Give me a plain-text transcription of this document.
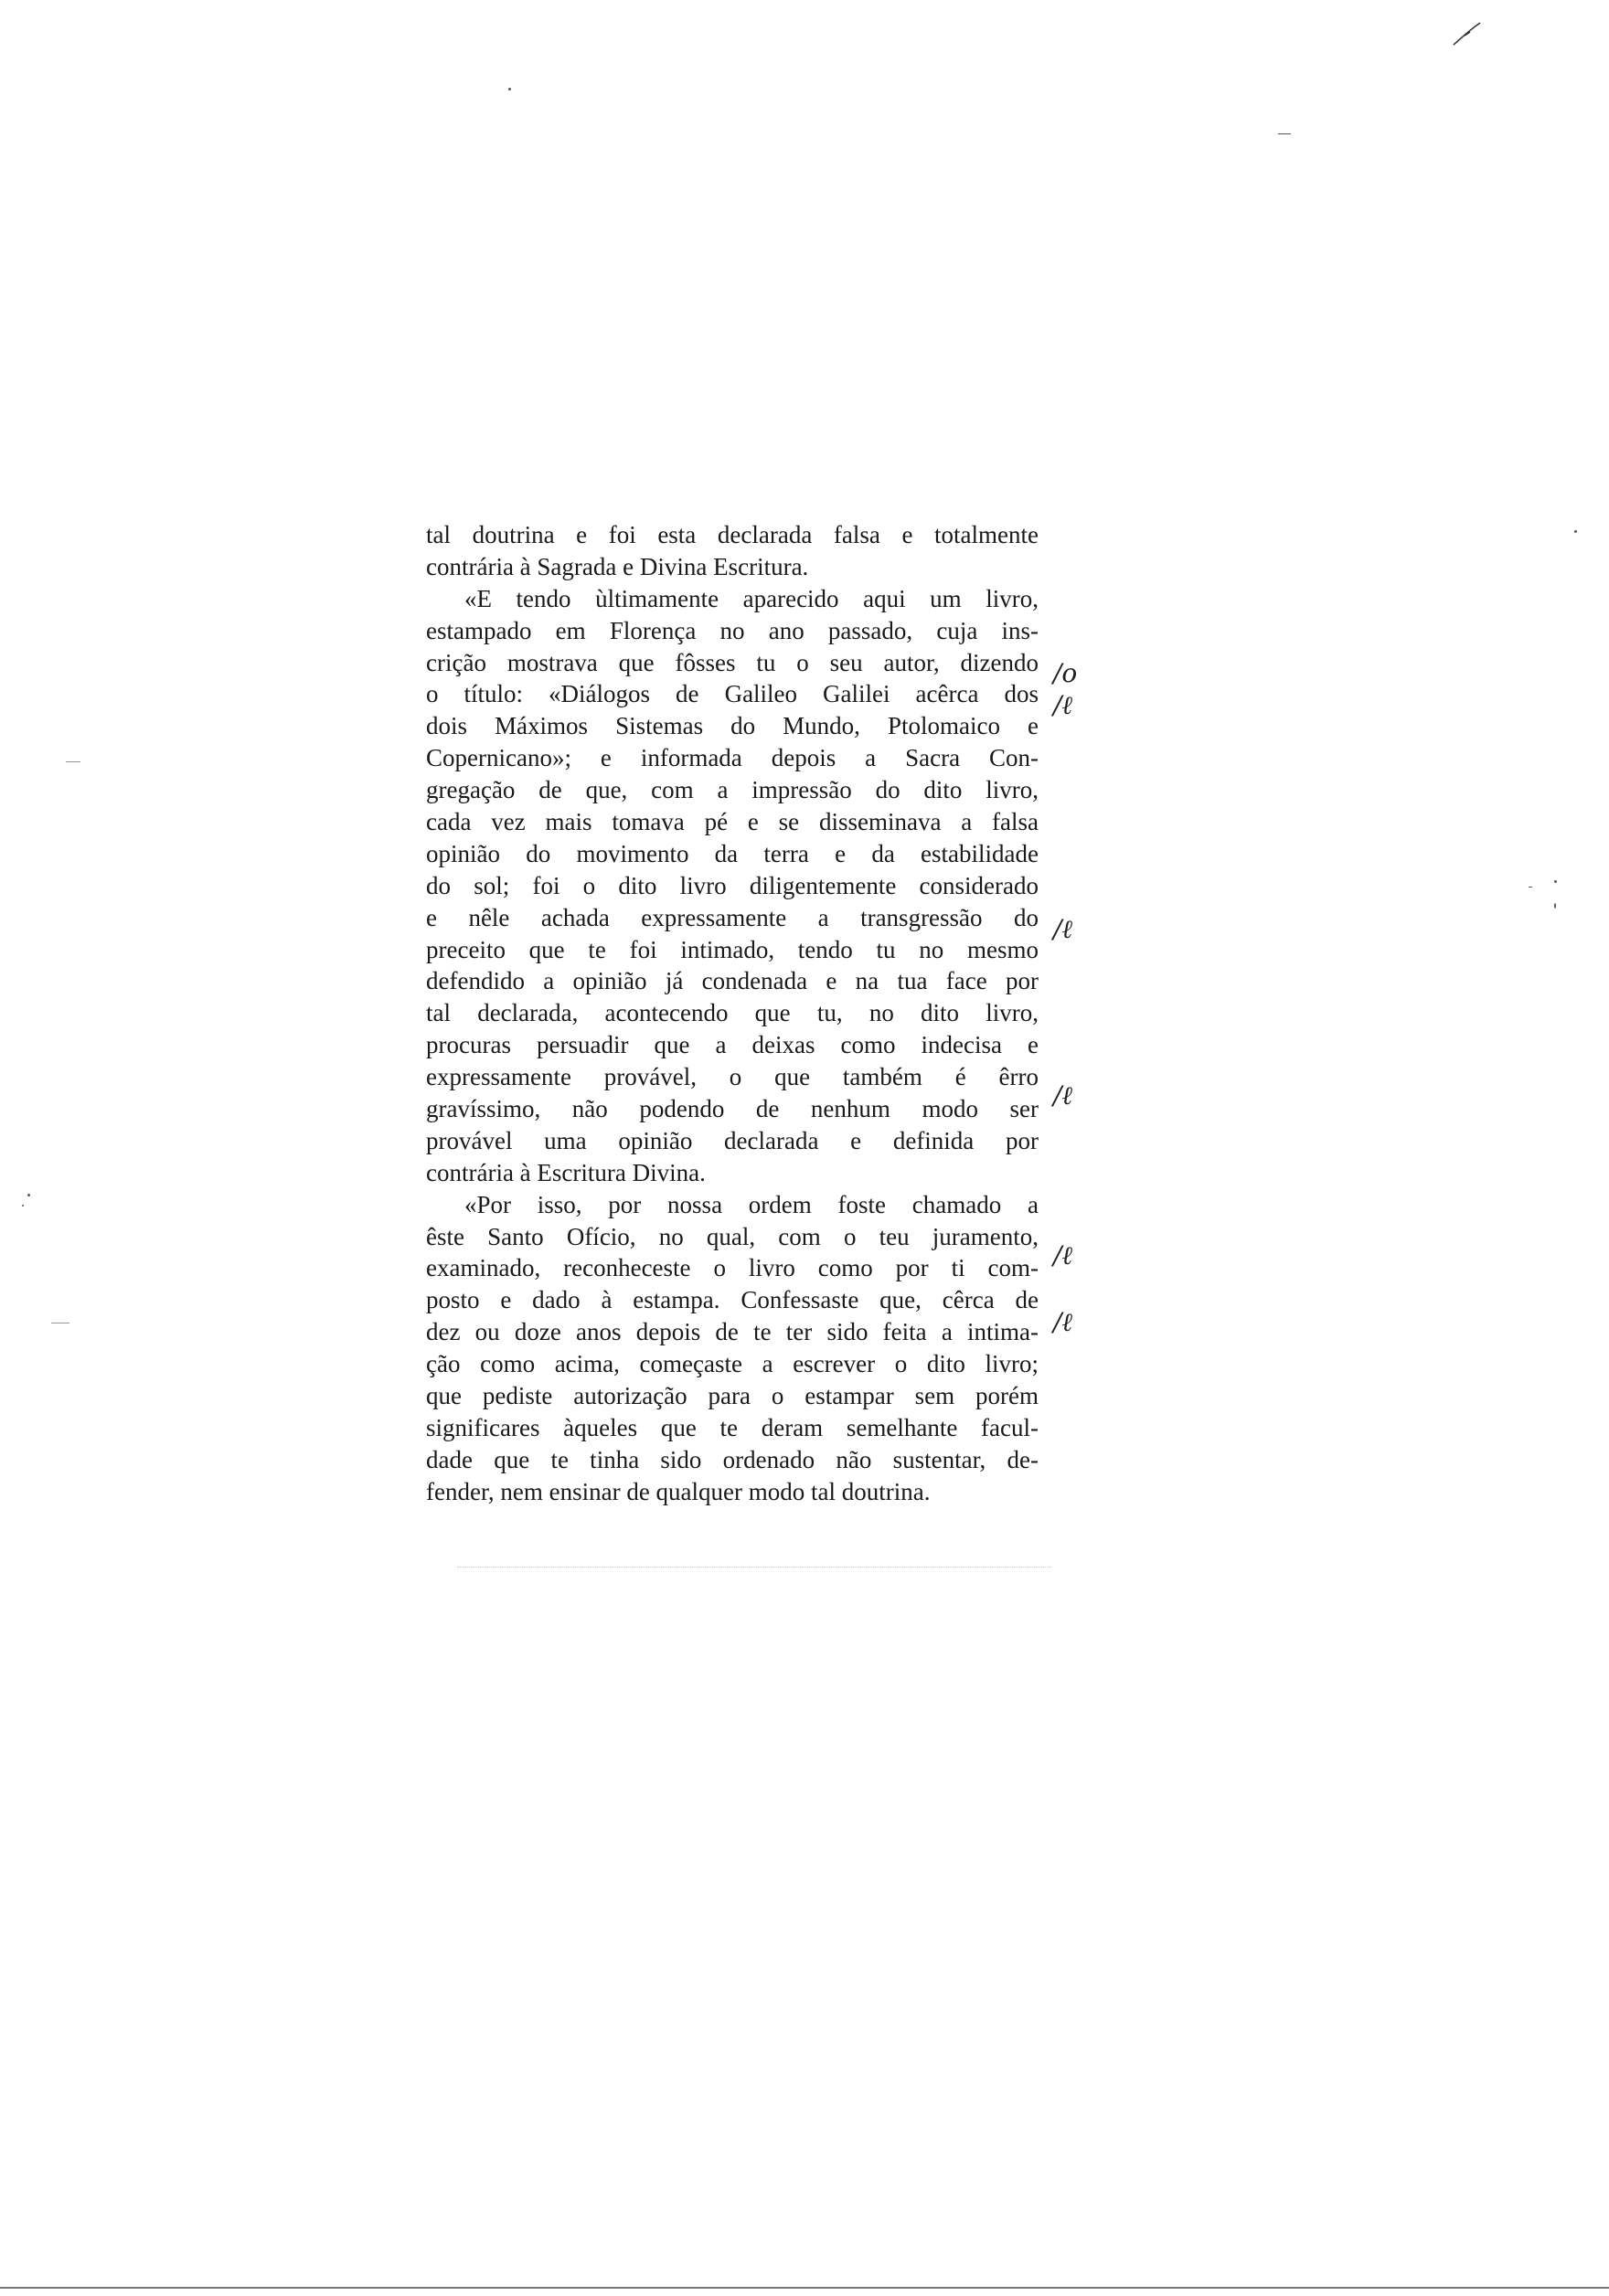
tal doutrina e foi esta declarada falsa e totalmente
contrária à Sagrada e Divina Escritura.
«E tendo ùltimamente aparecido aqui um livro,
estampado em Florença no ano passado, cuja ins-
crição mostrava que fôsses tu o seu autor, dizendo
o título: «Diálogos de Galileo Galilei acêrca dos
dois Máximos Sistemas do Mundo, Ptolomaico e
Copernicano»; e informada depois a Sacra Con-
gregação de que, com a impressão do dito livro,
cada vez mais tomava pé e se disseminava a falsa
opinião do movimento da terra e da estabilidade
do sol; foi o dito livro diligentemente considerado
e nêle achada expressamente a transgressão do
preceito que te foi intimado, tendo tu no mesmo
defendido a opinião já condenada e na tua face por
tal declarada, acontecendo que tu, no dito livro,
procuras persuadir que a deixas como indecisa e
expressamente provável, o que também é êrro
gravíssimo, não podendo de nenhum modo ser
provável uma opinião declarada e definida por
contrária à Escritura Divina.
«Por isso, por nossa ordem foste chamado a
êste Santo Ofício, no qual, com o teu juramento,
examinado, reconheceste o livro como por ti com-
posto e dado à estampa. Confessaste que, cêrca de
dez ou doze anos depois de te ter sido feita a intima-
ção como acima, começaste a escrever o dito livro;
que pediste autorização para o estampar sem porém
significares àqueles que te deram semelhante facul-
dade que te tinha sido ordenado não sustentar, de-
fender, nem ensinar de qualquer modo tal doutrina.
/o
/ℓ
/ℓ
/ℓ
/ℓ
/ℓ
